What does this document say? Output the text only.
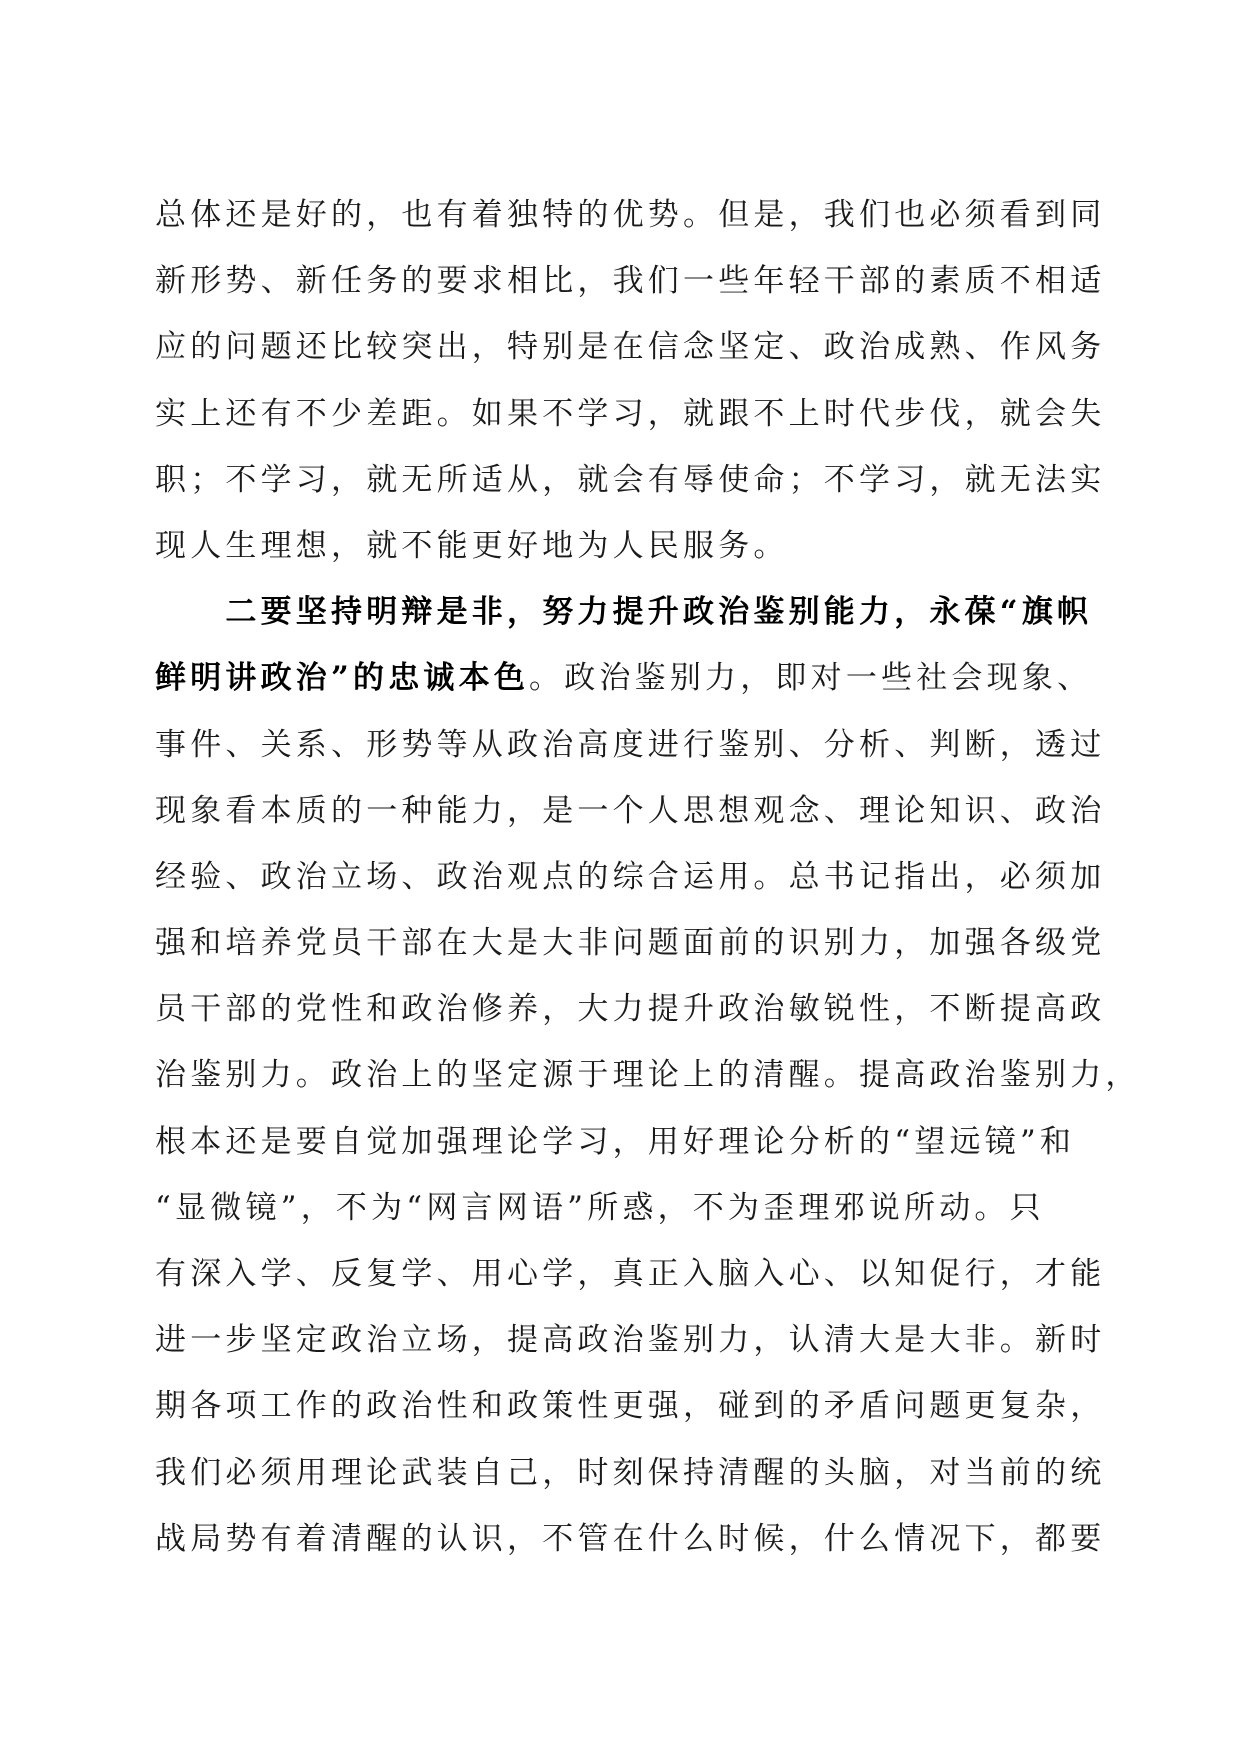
总体还是好的，也有着独特的优势。但是，我们也必须看到同
新形势、新任务的要求相比，我们一些年轻干部的素质不相适
应的问题还比较突出，特别是在信念坚定、政治成熟、作风务
实上还有不少差距。如果不学习，就跟不上时代步伐，就会失
职；不学习，就无所适从，就会有辱使命；不学习，就无法实
现人生理想，就不能更好地为人民服务。
　　二要坚持明辩是非，努力提升政治鉴别能力，永葆“旗帜
鲜明讲政治”的忠诚本色。政治鉴别力，即对一些社会现象、
事件、关系、形势等从政治高度进行鉴别、分析、判断，透过
现象看本质的一种能力，是一个人思想观念、理论知识、政治
经验、政治立场、政治观点的综合运用。总书记指出，必须加
强和培养党员干部在大是大非问题面前的识别力，加强各级党
员干部的党性和政治修养，大力提升政治敏锐性，不断提高政
治鉴别力。政治上的坚定源于理论上的清醒。提高政治鉴别力，
根本还是要自觉加强理论学习，用好理论分析的“望远镜”和
“显微镜”，不为“网言网语”所惑，不为歪理邪说所动。只
有深入学、反复学、用心学，真正入脑入心、以知促行，才能
进一步坚定政治立场，提高政治鉴别力，认清大是大非。新时
期各项工作的政治性和政策性更强，碰到的矛盾问题更复杂，
我们必须用理论武装自己，时刻保持清醒的头脑，对当前的统
战局势有着清醒的认识，不管在什么时候，什么情况下，都要
